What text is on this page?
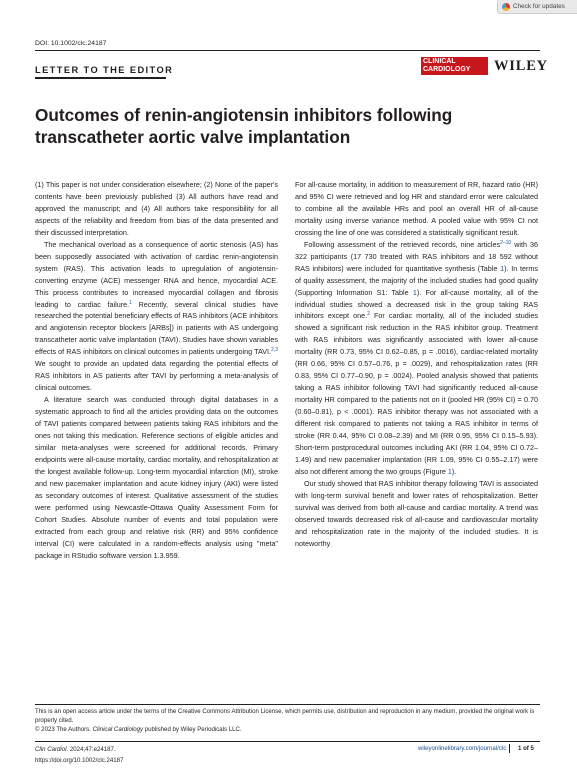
Check for updates
DOI: 10.1002/clc.24187
LETTER TO THE EDITOR
CLINICAL
CARDIOLOGY	WILEY
Outcomes of renin-angiotensin inhibitors following
transcatheter aortic valve implantation

(1) This paper is not under consideration elsewhere; (2) None of the paper's contents have been previously published (3) All authors have read and approved the manuscript; and (4) All authors take responsibility for all aspects of the reliability and freedom from bias of the data presented and their discussed interpretation.

The mechanical overload as a consequence of aortic stenosis (AS) has been supposedly associated with activation of cardiac renin-angiotensin system (RAS). This activation leads to upregulation of angiotensin-converting enzyme (ACE) messenger RNA and hence, myocardial ACE. This process contributes to increased myocardial collagen and fibrosis leading to cardiac failure.$^1$ Recently, several clinical studies have researched the potential beneficiary effects of RAS inhibitors (ACE inhibitors and angiotensin receptor blockers [ARBs]) in patients with AS undergoing transcatheter aortic valve implantation (TAVI). Studies have shown variables effects of RAS inhibitors on clinical outcomes in patients undergoing TAVI.$^{2,3}$ We sought to provide an updated data regarding the potential effects of RAS inhibitors in AS patients after TAVI by performing a meta-analysis of clinical outcomes.

A literature search was conducted through digital databases in a systematic approach to find all the articles providing data on the outcomes of TAVI patients compared between patients taking RAS inhibitors and the ones not taking this medication. Reference sections of eligible articles and similar meta-analyses were screened for additional records. Primary endpoints were all-cause mortality, cardiac mortality, and rehospitalization at the longest available follow-up. Long-term myocardial infarction (MI), stroke and new pacemaker implantation and acute kidney injury (AKI) were listed as secondary outcomes of interest. Qualitative assessment of the studies were performed using Newcastle-Ottawa Quality Assessment Form for Cohort Studies. Absolute number of events and total population were extracted from each group and relative risk (RR) and 95% confidence interval (CI) were calculated in a random-effects analysis using "meta" package in RStudio software version 1.3.959.

For all-cause mortality, in addition to measurement of RR, hazard ratio (HR) and 95% CI were retrieved and log HR and standard error were calculated to combine all the available HRs and pool an overall HR of all-cause mortality using inverse variance method. A pooled value with 95% CI not crossing the line of one was considered a statistically significant result.

Following assessment of the retrieved records, nine articles$^{2-10}$ with 36 322 participants (17 730 treated with RAS inhibitors and 18 592 without RAS inhibitors) were included for quantitative synthesis (Table 1). In terms of quality assessment, the majority of the included studies had good quality (Supporting Information S1: Table 1). For all-cause mortality, all of the individual studies showed a decreased risk in the group taking RAS inhibitors except one.$^2$ For cardiac mortality, all of the included studies showed a significant risk reduction in the RAS inhibitor group. Treatment with RAS inhibitors was significantly associated with lower all-cause mortality (RR 0.73, 95% CI 0.62–0.85, p = .0016), cardiac-related mortality (RR 0.66, 95% CI 0.57–0.76, p = .0029), and rehospitalization rates (RR 0.83, 95% CI 0.77–0.90, p = .0024). Pooled analysis showed that patients taking a RAS inhibitor following TAVI had significantly reduced all-cause mortality HR compared to the patients not on it (pooled HR (95% CI) = 0.70 (0.60–0.81), p < .0001). RAS inhibitor therapy was not associated with a different risk compared to patients not taking a RAS inhibitor in terms of stroke (RR 0.44, 95% CI 0.08–2.39) and MI (RR 0.95, 95% CI 0.15–5.93). Short-term postprocedural outcomes including AKI (RR 1.04, 95% CI 0.72–1.49) and new pacemaker implantation (RR 1.09, 95% CI 0.55–2.17) were also not different among the two groups (Figure 1).

Our study showed that RAS inhibitor therapy following TAVI is associated with long-term survival benefit and lower rates of rehospitalization. Better survival was derived from both all-cause and cardiac mortality. A trend was observed towards decreased risk of all-cause and cardiovascular mortality and rehospitalization rate in the majority of the included studies. It is noteworthy

This is an open access article under the terms of the Creative Commons Attribution License, which permits use, distribution and reproduction in any medium, provided the original work is properly cited.
© 2023 The Authors. Clinical Cardiology published by Wiley Periodicals LLC.
Clin Cardiol. 2024;47:e24187.
https://doi.org/10.1002/clc.24187
wileyonlinelibrary.com/journal/clc 1 of 5
